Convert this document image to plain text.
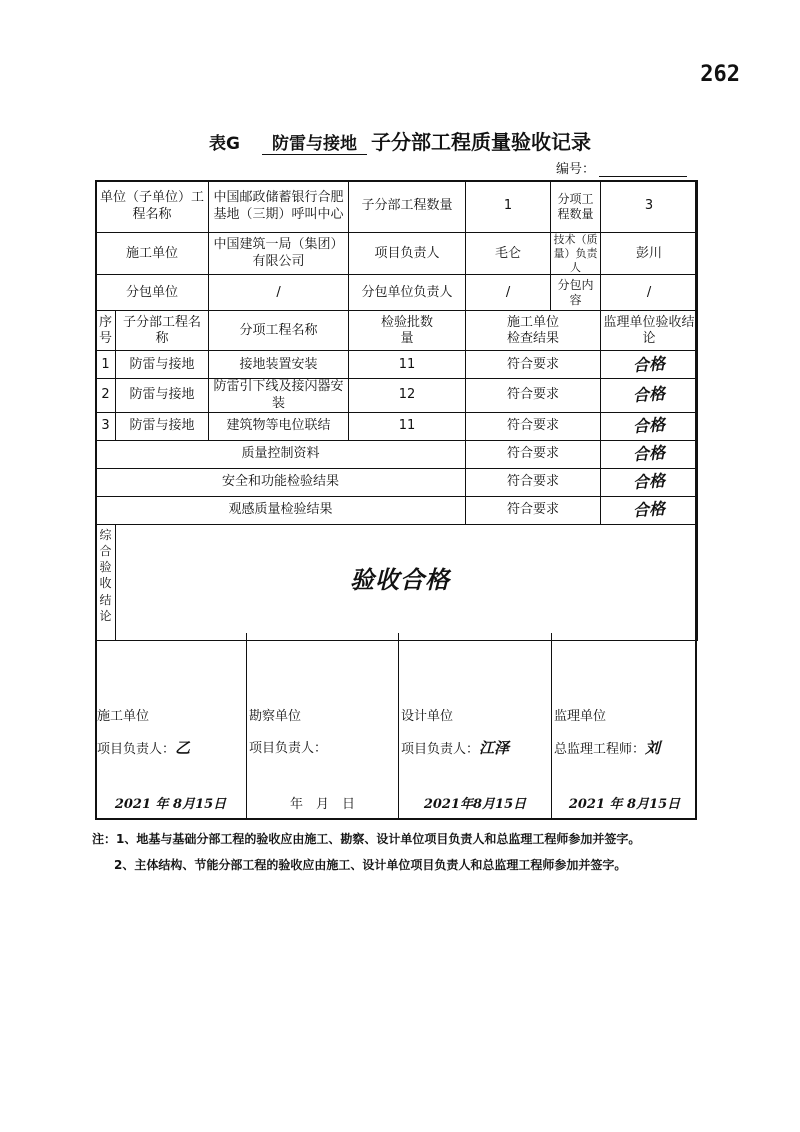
262
表G 防雷与接地 子分部工程质量验收记录
编号：
单位（子单位）工程名称		中国邮政储蓄银行合肥基地（三期）呼叫中心	子分部工程数量	1	分项工程数量	3
施工单位		中国建筑一局（集团）有限公司	项目负责人	毛仑	技术（质量）负责人	彭川
分包单位		/	分包单位负责人	/	分包内容	/
序号	子分部工程名称	分项工程名称	检验批数量	施工单位检查结果		监理单位验收结论
1	防雷与接地	接地装置安装	11	符合要求		合格
2	防雷与接地	防雷引下线及接闪器安装	12	符合要求		合格
3	防雷与接地	建筑物等电位联结	11	符合要求		合格
质量控制资料				符合要求		合格
安全和功能检验结果				符合要求		合格
观感质量检验结果				符合要求		合格

综合验收结论						

验收合格
施工单位
项目负责人：乙
2021 年 8月15日
勘察单位
项目负责人：
年　月　日
设计单位
项目负责人：江泽
2021年8月15日
监理单位
总监理工程师：刘
2021 年 8月15日
注：1、地基与基础分部工程的验收应由施工、勘察、设计单位项目负责人和总监理工程师参加并签字。
2、主体结构、节能分部工程的验收应由施工、设计单位项目负责人和总监理工程师参加并签字。
